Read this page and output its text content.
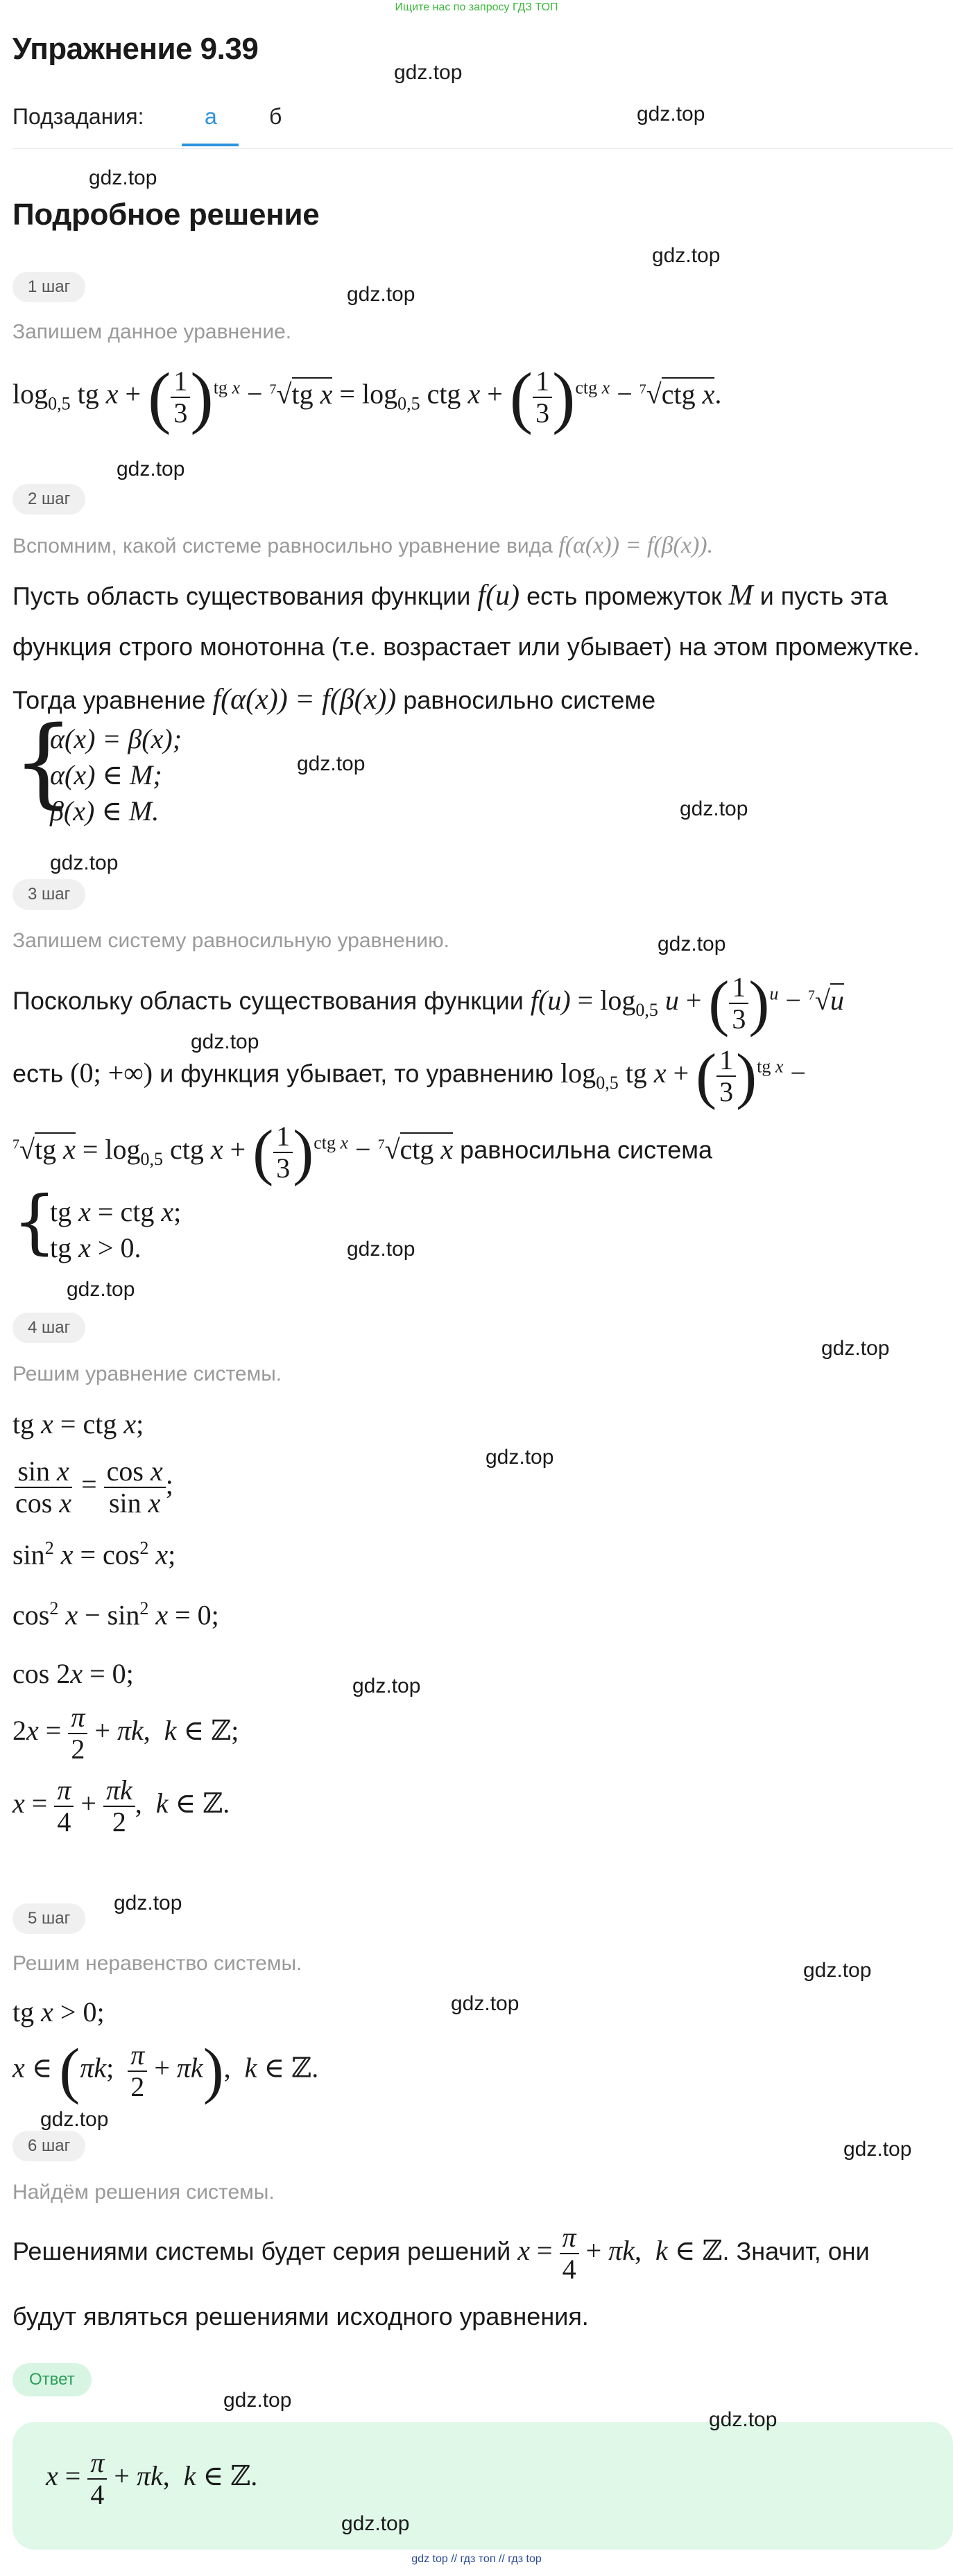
Ищите нас по запросу ГДЗ ТОП
Упражнение 9.39
gdz.top
Подзадания:	а б	gdz.top
gdz.top
Подробное решение
gdz.top
1 шаг	gdz.top
Запишем данное уравнение.
$\log_{0,5}$ tg x + ( $\frac{1}{3} )^{tg x} - ^7√tg$ $x = \log_{0,5}$ ctg x + ( $\frac{1}{3} )^{ctg x} - ^7√ctg$ x.
gdz.top
2 шаг
Вспомним, какой системе равносильно уравнение вида f(α(x)) = f(β(x)).
Пусть область существования функции f(u) есть промежуток M и пусть эта
функция строго монотонна (т.е. возрастает или убывает) на этом промежутке.
Тогда уравнение f(α(x)) = f(β(x)) равносильно системе
{
α(x) = β(x);
α(x) ∈ M;
β(x) ∈ M.
gdz.top
gdz.top
gdz.top
3 шаг
Запишем систему равносильную уравнению.	gdz.top
Поскольку область существования функции $f(u) = \log_{0,5} u$ + ( $\frac{1}{3} )^u - ^7√u$
gdz.top
есть (0; +∞) и функция убывает, то уравнению $\log_{0,5}$ tg x + ( $\frac{1}{3} )^{tg x}$ −
$^7$√tg $x = \log_{0,5}$ ctg x + ( $\frac{1}{3} )^{ctg x} - ^7√ctg$ x равносильна система
{
tg x = ctg x;
tg x > 0.	gdz.top
gdz.top
4 шаг
gdz.top
Решим уравнение системы.
tg x = ctg x;
gdz.top
$\frac{\text{sin x}}{\text{cos x}} = \frac{\text{cos x}}{\text{sin x}}$ ;
$\sin^2 x = \cos^2 x$;
$\cos^2 x - \sin^2 x = 0$;
cos 2x = 0;	gdz.top
$2x = \frac{\pi}{2} + \pi k$,  k ∈ ℤ;
$x = \frac{\pi}{4} + \frac{\pi k}{2}$ ,  k ∈ ℤ.
5 шаг
gdz.top
Решим неравенство системы.	gdz.top
gdz.top
tg x > 0;
x ∈ (πk; $\frac{\pi}{2} + \pi k$),  k ∈ ℤ.
gdz.top
6 шаг	gdz.top
Найдём решения системы.
Решениями системы будет серия решений $x = \frac{\pi}{4} + \pi k$,  k ∈ ℤ. Значит, они
будут являться решениями исходного уравнения.
Ответ
gdz.top
gdz.top
$x = \frac{\pi}{4} + \pi k$,  k ∈ ℤ.
gdz.top
gdz top // гдз топ // гдз top
